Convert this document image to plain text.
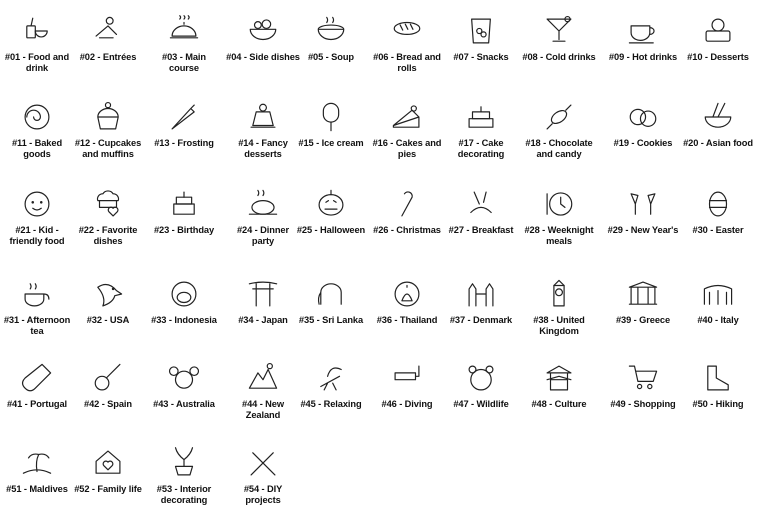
#01 - Food and drink
#02 - Entrées	#03 - Main course
#04 - Side dishes #05 - Soup	#06 - Bread and rolls
#07 - Snacks	#08 - Cold drinks	#09 - Hot drinks	#10 - Desserts
#11 - Baked goods
#12 - Cupcakes and muffins
#13 - Frosting	#14 - Fancy desserts
#15 - Ice cream #16 - Cakes and pies
#17 - Cake decorating
#18 - Chocolate and candy
#19 - Cookies	#20 - Asian food
#21 - Kid -friendly food
#22 - Favorite dishes
#23 - Birthday	#24 - Dinner party
#25 - Halloween #26 - Christmas #27 - Breakfast	#28 - Weeknight meals
#29 - New Year's	#30 - Easter
#31 - Afternoon tea
#32 - USA	#33 - Indonesia	#34 - Japan	#35 - Sri Lanka	#36 - Thailand	#37 - Denmark	#38 - United Kingdom
#39 - Greece	#40 - Italy
#41 - Portugal	#42 - Spain	#43 - Australia	#44 - New Zealand
#45 - Relaxing	#46 - Diving	#47 - Wildlife	#48 - Culture	#49 - Shopping	#50 - Hiking
#51 - Maldives #52 - Family life	#53 - Interior decorating
#54 - DIY projects
